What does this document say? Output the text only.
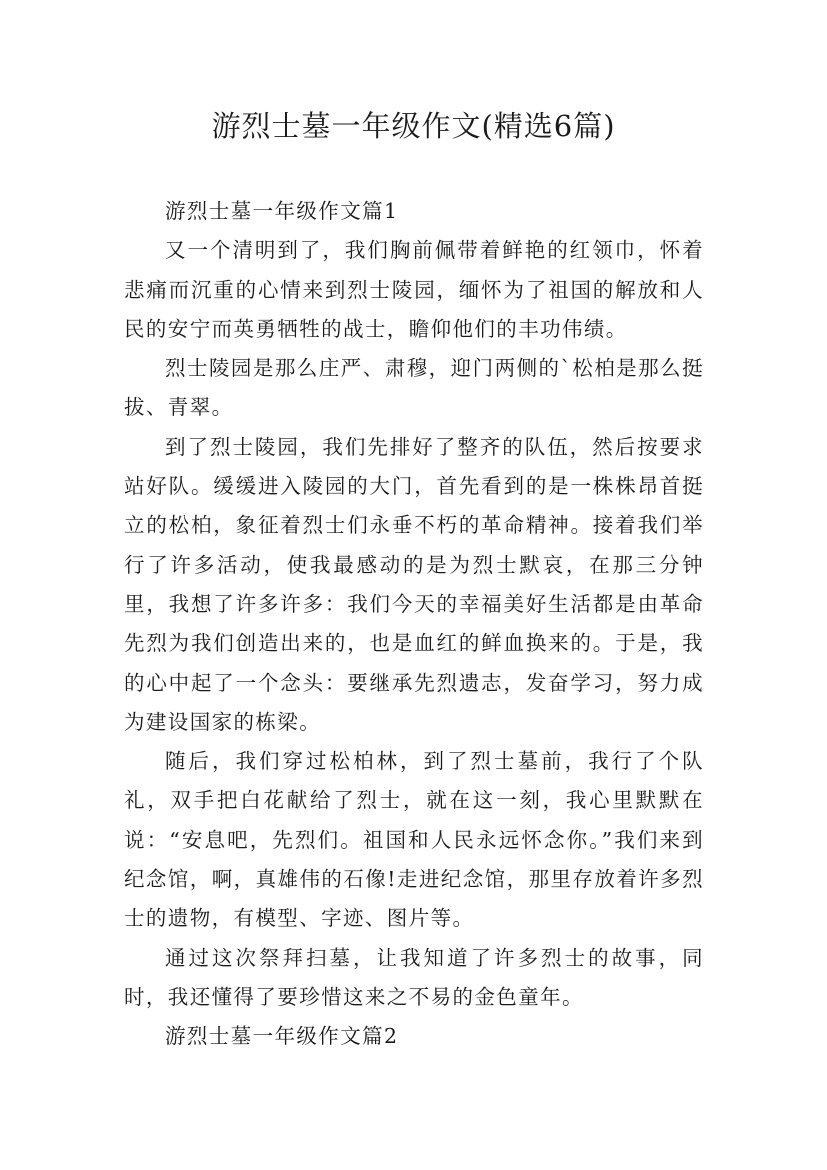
游烈士墓一年级作文(精选6篇)

游烈士墓一年级作文篇1

又一个清明到了，我们胸前佩带着鲜艳的红领巾，怀着悲痛而沉重的心情来到烈士陵园，缅怀为了祖国的解放和人民的安宁而英勇牺牲的战士，瞻仰他们的丰功伟绩。

烈士陵园是那么庄严、肃穆，迎门两侧的`松柏是那么挺拔、青翠。

到了烈士陵园，我们先排好了整齐的队伍，然后按要求站好队。缓缓进入陵园的大门，首先看到的是一株株昂首挺立的松柏，象征着烈士们永垂不朽的革命精神。接着我们举行了许多活动，使我最感动的是为烈士默哀，在那三分钟里，我想了许多许多：我们今天的幸福美好生活都是由革命先烈为我们创造出来的，也是血红的鲜血换来的。于是，我的心中起了一个念头：要继承先烈遗志，发奋学习，努力成为建设国家的栋梁。

随后，我们穿过松柏林，到了烈士墓前，我行了个队礼，双手把白花献给了烈士，就在这一刻，我心里默默在说：“安息吧，先烈们。祖国和人民永远怀念你。”我们来到纪念馆，啊，真雄伟的石像!走进纪念馆，那里存放着许多烈士的遗物，有模型、字迹、图片等。

通过这次祭拜扫墓，让我知道了许多烈士的故事，同时，我还懂得了要珍惜这来之不易的金色童年。

游烈士墓一年级作文篇2
